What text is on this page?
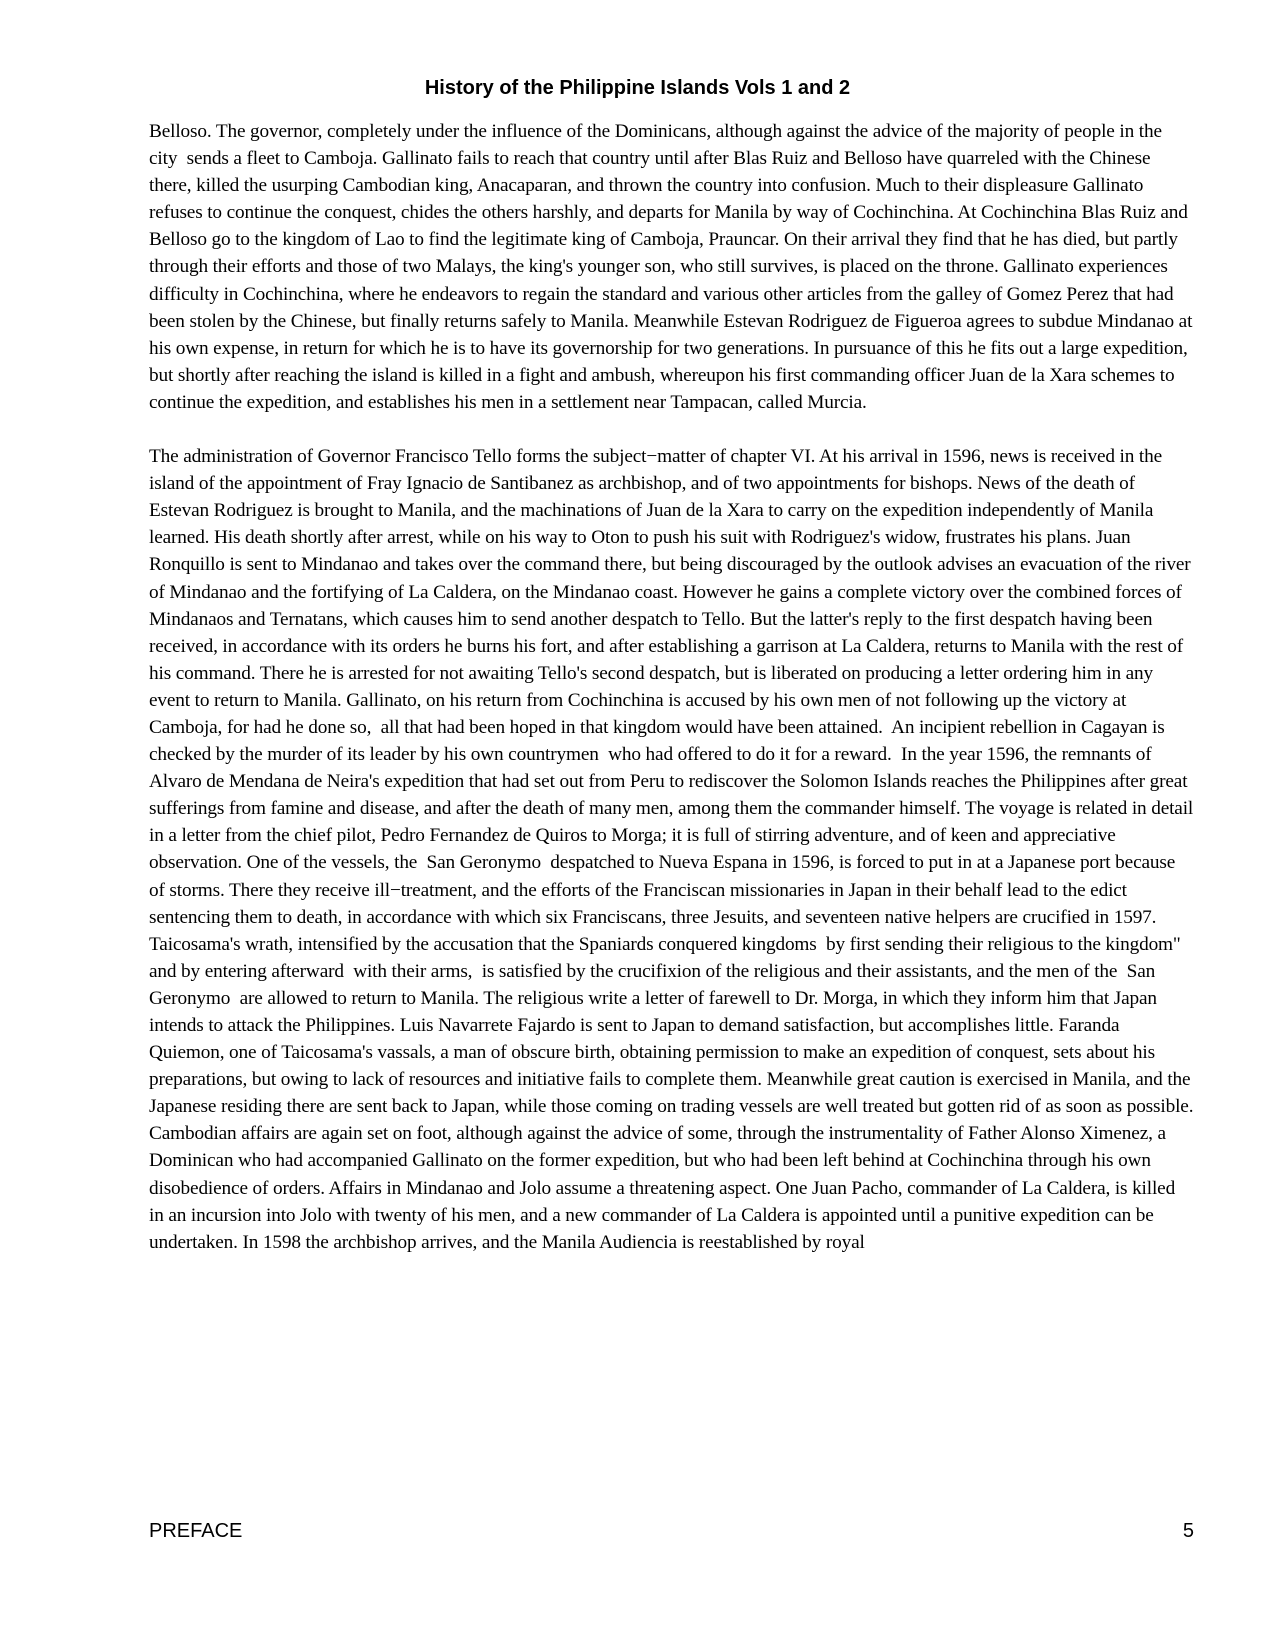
History of the Philippine Islands Vols 1 and 2

Belloso. The governor, completely under the influence of the Dominicans, although against the advice of the majority of people in the city  sends a fleet to Camboja. Gallinato fails to reach that country until after Blas Ruiz and Belloso have quarreled with the Chinese there, killed the usurping Cambodian king, Anacaparan, and thrown the country into confusion. Much to their displeasure Gallinato refuses to continue the conquest, chides the others harshly, and departs for Manila by way of Cochinchina. At Cochinchina Blas Ruiz and Belloso go to the kingdom of Lao to find the legitimate king of Camboja, Prauncar. On their arrival they find that he has died, but partly through their efforts and those of two Malays, the king's younger son, who still survives, is placed on the throne. Gallinato experiences difficulty in Cochinchina, where he endeavors to regain the standard and various other articles from the galley of Gomez Perez that had been stolen by the Chinese, but finally returns safely to Manila. Meanwhile Estevan Rodriguez de Figueroa agrees to subdue Mindanao at his own expense, in return for which he is to have its governorship for two generations. In pursuance of this he fits out a large expedition, but shortly after reaching the island is killed in a fight and ambush, whereupon his first commanding officer Juan de la Xara schemes to continue the expedition, and establishes his men in a settlement near Tampacan, called Murcia.

The administration of Governor Francisco Tello forms the subject−matter of chapter VI. At his arrival in 1596, news is received in the island of the appointment of Fray Ignacio de Santibanez as archbishop, and of two appointments for bishops. News of the death of Estevan Rodriguez is brought to Manila, and the machinations of Juan de la Xara to carry on the expedition independently of Manila learned. His death shortly after arrest, while on his way to Oton to push his suit with Rodriguez's widow, frustrates his plans. Juan Ronquillo is sent to Mindanao and takes over the command there, but being discouraged by the outlook advises an evacuation of the river of Mindanao and the fortifying of La Caldera, on the Mindanao coast. However he gains a complete victory over the combined forces of Mindanaos and Ternatans, which causes him to send another despatch to Tello. But the latter's reply to the first despatch having been received, in accordance with its orders he burns his fort, and after establishing a garrison at La Caldera, returns to Manila with the rest of his command. There he is arrested for not awaiting Tello's second despatch, but is liberated on producing a letter ordering him in any event to return to Manila. Gallinato, on his return from Cochinchina is accused by his own men of not following up the victory at Camboja, for had he done so,  all that had been hoped in that kingdom would have been attained.  An incipient rebellion in Cagayan is checked by the murder of its leader by his own countrymen  who had offered to do it for a reward.  In the year 1596, the remnants of Alvaro de Mendana de Neira's expedition that had set out from Peru to rediscover the Solomon Islands reaches the Philippines after great sufferings from famine and disease, and after the death of many men, among them the commander himself. The voyage is related in detail in a letter from the chief pilot, Pedro Fernandez de Quiros to Morga; it is full of stirring adventure, and of keen and appreciative observation. One of the vessels, the  San Geronymo  despatched to Nueva Espana in 1596, is forced to put in at a Japanese port because of storms. There they receive ill−treatment, and the efforts of the Franciscan missionaries in Japan in their behalf lead to the edict sentencing them to death, in accordance with which six Franciscans, three Jesuits, and seventeen native helpers are crucified in 1597. Taicosama's wrath, intensified by the accusation that the Spaniards conquered kingdoms  by first sending their religious to the kingdom" and by entering afterward  with their arms,  is satisfied by the crucifixion of the religious and their assistants, and the men of the  San Geronymo  are allowed to return to Manila. The religious write a letter of farewell to Dr. Morga, in which they inform him that Japan intends to attack the Philippines. Luis Navarrete Fajardo is sent to Japan to demand satisfaction, but accomplishes little. Faranda Quiemon, one of Taicosama's vassals, a man of obscure birth, obtaining permission to make an expedition of conquest, sets about his preparations, but owing to lack of resources and initiative fails to complete them. Meanwhile great caution is exercised in Manila, and the Japanese residing there are sent back to Japan, while those coming on trading vessels are well treated but gotten rid of as soon as possible. Cambodian affairs are again set on foot, although against the advice of some, through the instrumentality of Father Alonso Ximenez, a Dominican who had accompanied Gallinato on the former expedition, but who had been left behind at Cochinchina through his own disobedience of orders. Affairs in Mindanao and Jolo assume a threatening aspect. One Juan Pacho, commander of La Caldera, is killed in an incursion into Jolo with twenty of his men, and a new commander of La Caldera is appointed until a punitive expedition can be undertaken. In 1598 the archbishop arrives, and the Manila Audiencia is reestablished by royal

PREFACE	5
